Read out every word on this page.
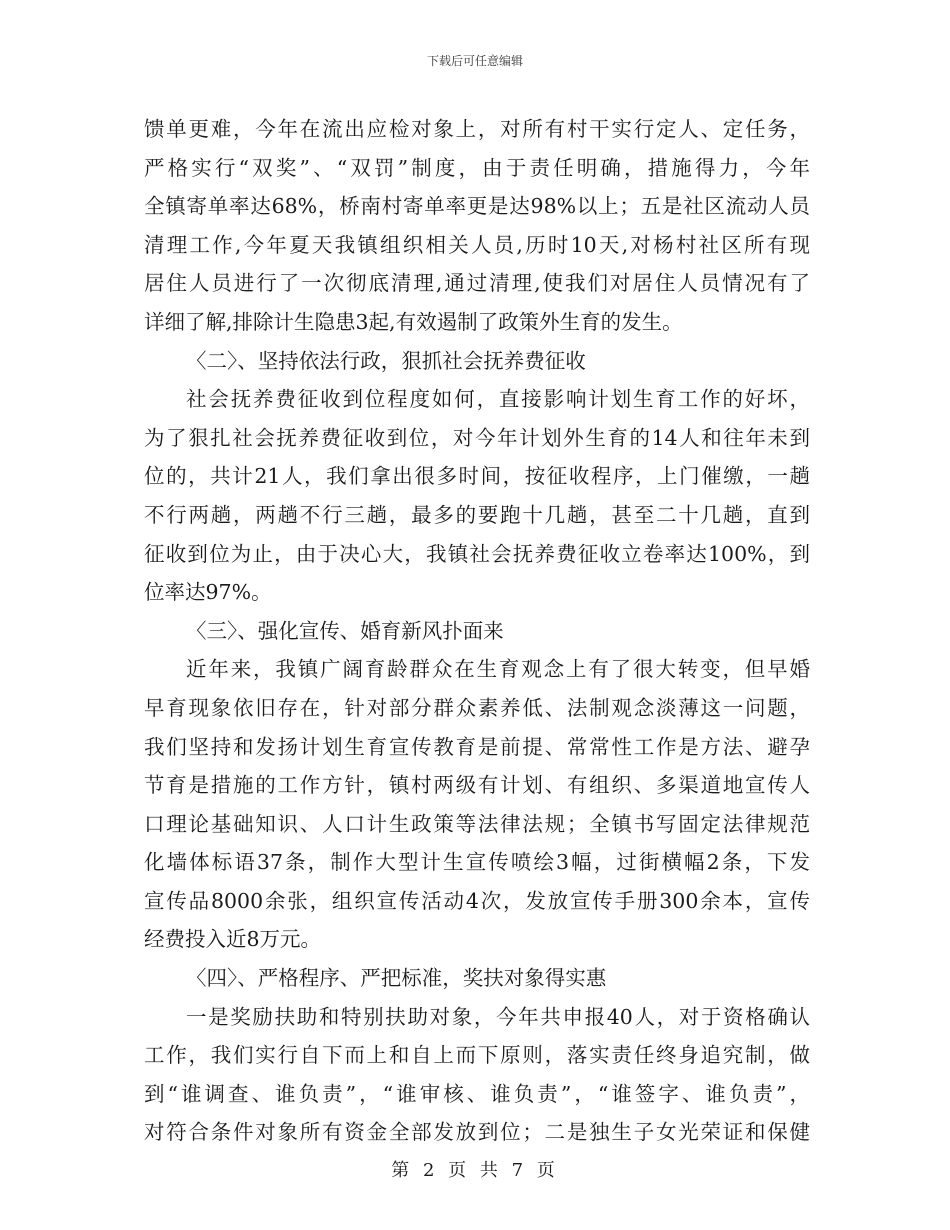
下载后可任意编辑
馈单更难，今年在流出应检对象上，对所有村干实行定人、定任务，
严格实行“双奖”、“双罚”制度，由于责任明确，措施得力，今年
全镇寄单率达68%，桥南村寄单率更是达98%以上；五是社区流动人员
清理工作,今年夏天我镇组织相关人员,历时10天,对杨村社区所有现
居住人员进行了一次彻底清理,通过清理,使我们对居住人员情况有了
详细了解,排除计生隐患3起,有效遏制了政策外生育的发生。
〈二〉、坚持依法行政，狠抓社会抚养费征收
社会抚养费征收到位程度如何，直接影响计划生育工作的好坏，
为了狠扎社会抚养费征收到位，对今年计划外生育的14人和往年未到
位的，共计21人，我们拿出很多时间，按征收程序，上门催缴，一趟
不行两趟，两趟不行三趟，最多的要跑十几趟，甚至二十几趟，直到
征收到位为止，由于决心大，我镇社会抚养费征收立卷率达100%，到
位率达97%。
〈三〉、强化宣传、婚育新风扑面来
近年来，我镇广阔育龄群众在生育观念上有了很大转变，但早婚
早育现象依旧存在，针对部分群众素养低、法制观念淡薄这一问题，
我们坚持和发扬计划生育宣传教育是前提、常常性工作是方法、避孕
节育是措施的工作方针，镇村两级有计划、有组织、多渠道地宣传人
口理论基础知识、人口计生政策等法律法规；全镇书写固定法律规范
化墙体标语37条，制作大型计生宣传喷绘3幅，过街横幅2条，下发
宣传品8000余张，组织宣传活动4次，发放宣传手册300余本，宣传
经费投入近8万元。
〈四〉、严格程序、严把标准，奖扶对象得实惠
一是奖励扶助和特别扶助对象，今年共申报40人，对于资格确认
工作，我们实行自下而上和自上而下原则，落实责任终身追究制，做
到“谁调查、谁负责”，“谁审核、谁负责”，“谁签字、谁负责”，
对符合条件对象所有资金全部发放到位；二是独生子女光荣证和保健
第 2 页 共 7 页
